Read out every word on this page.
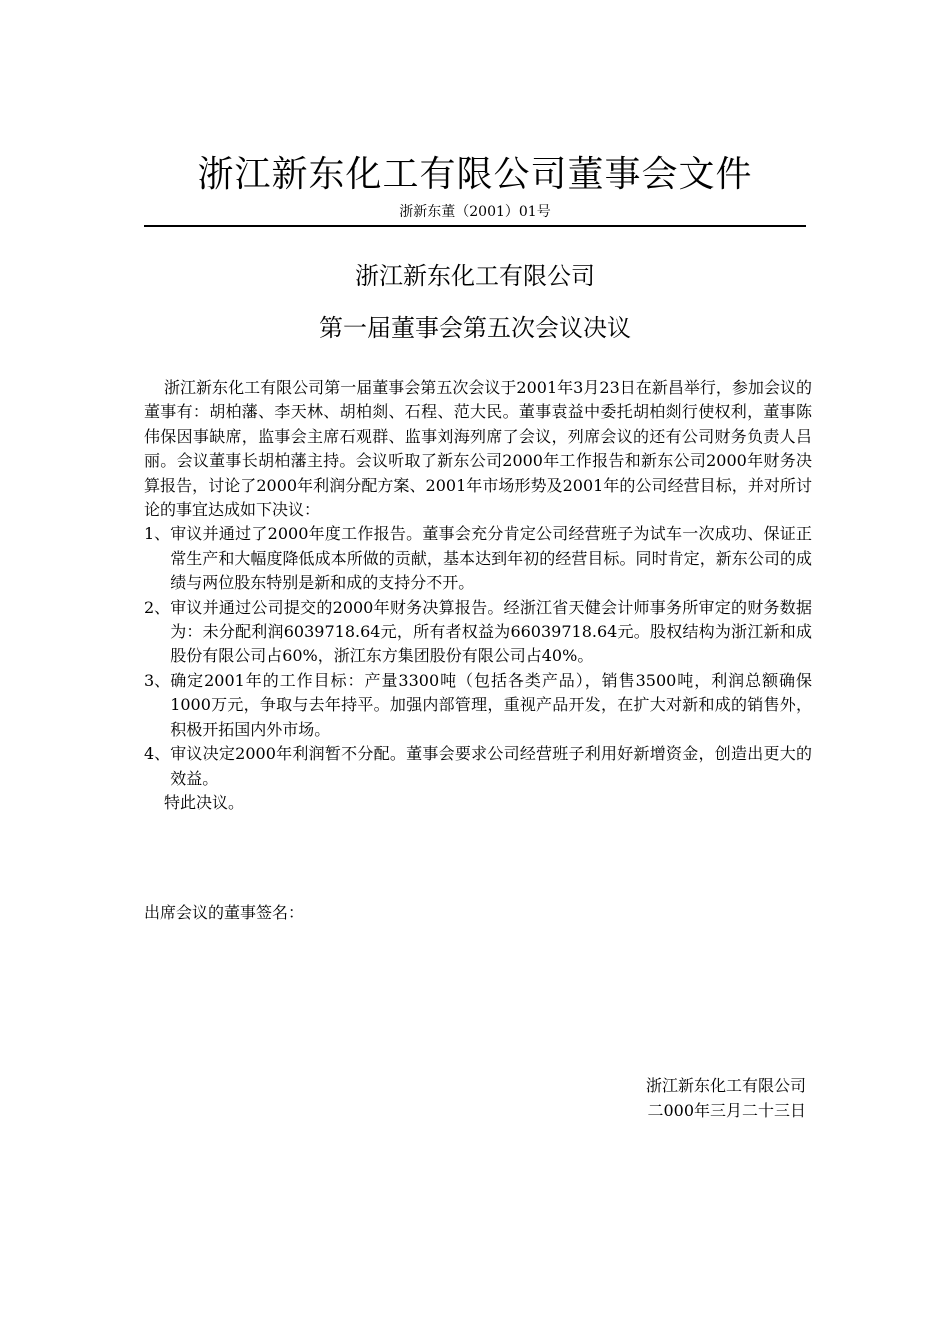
浙江新东化工有限公司董事会文件
浙新东董（2001）01号
浙江新东化工有限公司
第一届董事会第五次会议决议

浙江新东化工有限公司第一届董事会第五次会议于2001年3月23日在新昌举行，参加会议的董事有：胡柏藩、李天林、胡柏剡、石程、范大民。董事袁益中委托胡柏剡行使权利，董事陈伟保因事缺席，监事会主席石观群、监事刘海列席了会议，列席会议的还有公司财务负责人吕丽。会议董事长胡柏藩主持。会议听取了新东公司2000年工作报告和新东公司2000年财务决算报告，讨论了2000年利润分配方案、2001年市场形势及2001年的公司经营目标，并对所讨论的事宜达成如下决议：

1、 审议并通过了2000年度工作报告。董事会充分肯定公司经营班子为试车一次成功、保证正常生产和大幅度降低成本所做的贡献，基本达到年初的经营目标。同时肯定，新东公司的成绩与两位股东特别是新和成的支持分不开。
2、 审议并通过公司提交的2000年财务决算报告。经浙江省天健会计师事务所审定的财务数据为：未分配利润6039718.64元，所有者权益为66039718.64元。股权结构为浙江新和成股份有限公司占60%，浙江东方集团股份有限公司占40%。
3、 确定2001年的工作目标：产量3300吨（包括各类产品），销售3500吨，利润总额确保1000万元，争取与去年持平。加强内部管理，重视产品开发，在扩大对新和成的销售外，积极开拓国内外市场。
4、 审议决定2000年利润暂不分配。董事会要求公司经营班子利用好新增资金，创造出更大的效益。

特此决议。

出席会议的董事签名：
浙江新东化工有限公司
二000年三月二十三日
